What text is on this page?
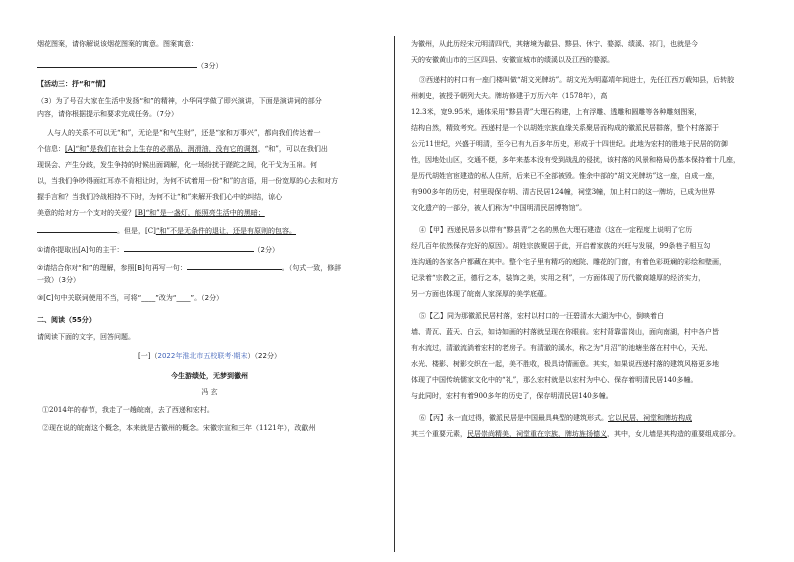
烟花图案，请你解说该烟花图案的寓意。图案寓意：

（3分）

【活动三：抒“和”情】

（3）为了号召大家在生活中发扬“和”的精神，小华同学做了即兴演讲，下面是演讲词的部分

内容，请你根据提示和要求完成任务。（7分）

人与人的关系不可以无“和”，无论是“和气生财”，还是“家和万事兴”，都向我们传达着一

个信息：[A]“和”是我们在社会上生存的必需品，润滑油，没有它的调剂，“和”，可以在我们出

现误会、产生分歧，发生争持的时候出面调解，化一场纷扰于蹉跎之间，化干戈为玉帛。何

以，当我们争吵得面红耳赤不肯相让时，为何不试着用一份“和”的言语，用一份宽厚的心去和对方

握手言和？当我们冷战相持不下时，为何不让“和”来解开我们心中的纠结，谅心

美意的给对方一个支对的关爱？[B]“和”是一盏灯，能照亮生活中的黑暗；

。但是，[C]“和”不是无条件的退让，还是有原则的包容。

①请你提取出[A]句的主干：	（2分）

②请结合你对“和”的理解，参照[B]句再写一句：	。（句式一致，修辞

一致）（3分）

③[C]句中关联词使用不当，可将“____”改为“____”。（2分）

二、阅读（55分）

请阅读下面的文字，回答问题。

[一]（2022年淮北市五校联考·期末）（22分）

今生游绩处，无梦到徽州

冯 玄

①2014年的春节，我走了一趟皖南，去了西递和宏村。

②现在说的皖南这个概念，本来就是古徽州的概念。宋徽宗宣和三年（1121年），改歙州

为徽州，从此历经宋元明清四代，其辖境为歙县、黟县、休宁、婺源、绩溪、祁门，也就是今

天的安徽黄山市的三区四县、安徽宣城市的绩溪以及江西的婺源。

③西递村的村口有一座门楼叫做“胡文光牌坊”。胡文光为明嘉靖年间进士，先任江西万载知县，后转胶

州刺史，被授予朝列大夫。牌坊修建于万历六年（1578年），高

12.3米，宽9.95米，通体采用“黟县青”大理石构建，上有浮雕、透雕和圆雕等各种雕刻图案，

结构自然，精致考究。西递村是一个以胡姓宗族血缘关系聚居而构成的徽派民居群落，整个村落源于

公元11世纪，兴盛于明清，至今已有九百多年历史，形成于十四世纪。此地为宏村的胜地于民居的防御

性，因地处山区，交通不便，多年来基本没有受到战乱的侵扰，该村落的风景和格局仍基本保持着十几座，

是历代胡姓官宦建造的私人住所，后来已不全部被毁。惟余中部的“胡文光牌坊”这一座，自成一座，

有900多年的历史，村里现保存明、清古民居124幢，祠堂3幢，加上村口的这一牌坊，已成为世界

文化遗产的一部分，被人们称为“中国明清民居博物馆”。

④【甲】西递民居多以带有“黟县青”之名的黑色大理石建造（这在一定程度上说明了它历

经几百年依然保存完好的原因）。胡姓宗族聚居于此，开启着家族的兴旺与发展，99条巷子相互勾

连沟通的各家各户都藏在其中。整个宅子里有精巧的庭院、雕花的门窗，有着色彩斑斓的彩绘和壁画，

记录着“宗教之正，德行之本，装饰之美，实用之利”，一方面体现了历代徽商雄厚的经济实力，

另一方面也体现了皖南人家深厚的美学底蕴。

⑤【乙】同为那徽派民居村落，宏村以村口的一汪碧清水大湖为中心，倒映着白

墙、青瓦、蓝天、白云，如诗如画的村落就呈现在你眼前。宏村背靠雷岗山，面向南湖，村中各户皆

有水流过，清澈流淌着宏村的老房子。有清澈的溪水，称之为“月沼”的池塘坐落在村中心，天光、

水光、楼影、树影交织在一起，美不胜收，极具诗情画意。其实，如果说西递村落的建筑风格更多地

体现了中国传统儒家文化中的“礼”，那么宏村就是以宏村为中心、保存着明清民居140多幢。

与此同时，宏村有着900多年的历史了，保存明清民居140多幢。

⑥【丙】永一直过得，徽派民居是中国最具典型的建筑形式。它以民居、祠堂和牌坊构成

其三个重要元素，民居崇尚精美，祠堂重在宗族，牌坊旌扬德义，其中，女儿墙是其构造的重要组成部分。
